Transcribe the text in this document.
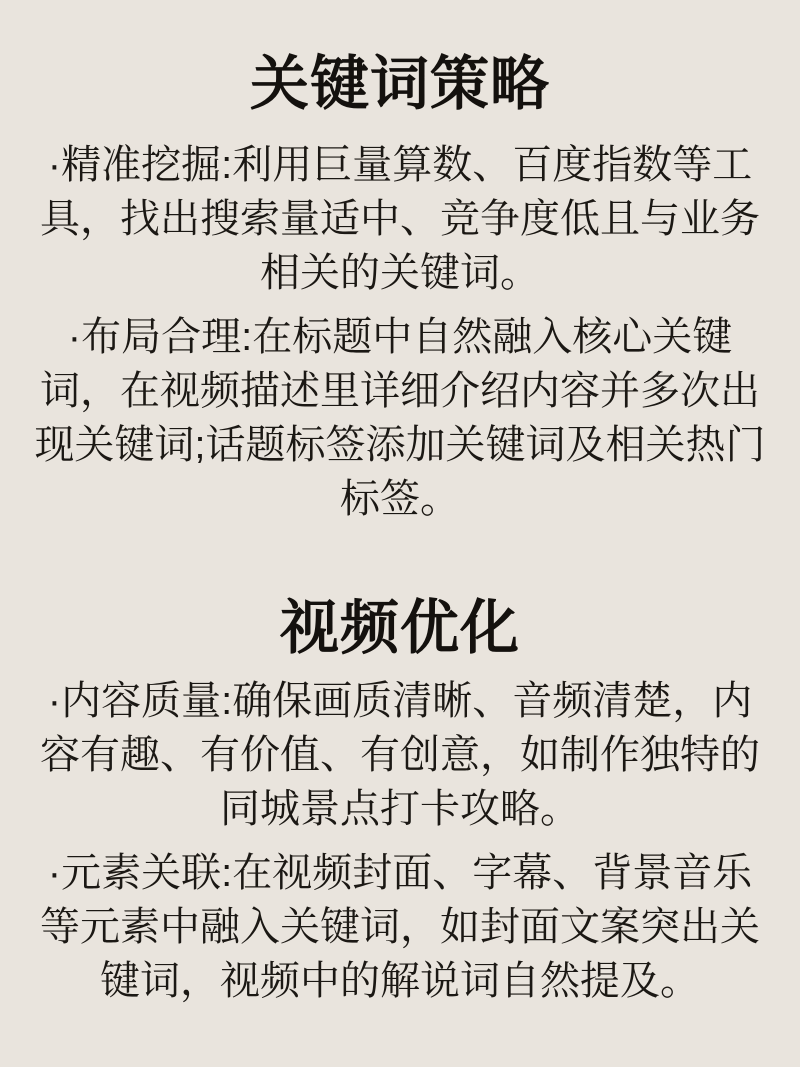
关键词策略
·精准挖掘:利用巨量算数、百度指数等工
具，找出搜索量适中、竞争度低且与业务
相关的关键词。
·布局合理:在标题中自然融入核心关键
词，在视频描述里详细介绍内容并多次出
现关键词;话题标签添加关键词及相关热门
标签。
视频优化
·内容质量:确保画质清晰、音频清楚，内
容有趣、有价值、有创意，如制作独特的
同城景点打卡攻略。
·元素关联:在视频封面、字幕、背景音乐
等元素中融入关键词，如封面文案突出关
键词，视频中的解说词自然提及。
